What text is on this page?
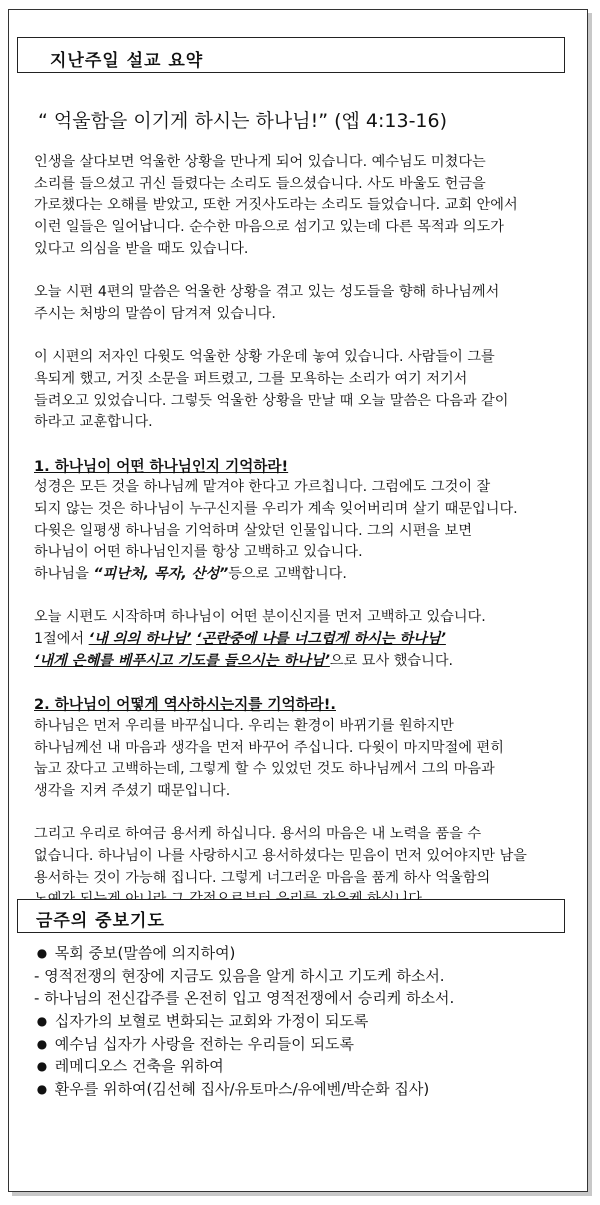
지난주일 설교 요약
“ 억울함을 이기게 하시는 하나님!” (엡 4:13-16)
인생을 살다보면 억울한 상황을 만나게 되어 있습니다. 예수님도 미쳤다는
소리를 들으셨고 귀신 들렸다는 소리도 들으셨습니다. 사도 바울도 헌금을
가로챘다는 오해를 받았고, 또한 거짓사도라는 소리도 들었습니다. 교회 안에서
이런 일들은 일어납니다. 순수한 마음으로 섬기고 있는데 다른 목적과 의도가
있다고 의심을 받을 때도 있습니다.
오늘 시편 4편의 말씀은 억울한 상황을 겪고 있는 성도들을 향해 하나님께서
주시는 처방의 말씀이 담겨져 있습니다.
이 시편의 저자인 다윗도 억울한 상황 가운데 놓여 있습니다. 사람들이 그를
욕되게 했고, 거짓 소문을 퍼트렸고, 그를 모욕하는 소리가 여기 저기서
들려오고 있었습니다. 그렇듯 억울한 상황을 만날 때 오늘 말씀은 다음과 같이
하라고 교훈합니다.
1. 하나님이 어떤 하나님인지 기억하라!
성경은 모든 것을 하나님께 맡겨야 한다고 가르칩니다. 그럼에도 그것이 잘
되지 않는 것은 하나님이 누구신지를 우리가 계속 잊어버리며 살기 때문입니다.
다윗은 일평생 하나님을 기억하며 살았던 인물입니다. 그의 시편을 보면
하나님이 어떤 하나님인지를 항상 고백하고 있습니다.
하나님을 “피난처, 목자, 산성”등으로 고백합니다.
오늘 시편도 시작하며 하나님이 어떤 분이신지를 먼저 고백하고 있습니다.
1절에서 ‘내 의의 하나님’ ‘곤란중에 나를 너그럽게 하시는 하나님’
‘내게 은혜를 베푸시고 기도를 들으시는 하나님’으로 묘사 했습니다.
2. 하나님이 어떻게 역사하시는지를 기억하라!.
하나님은 먼저 우리를 바꾸십니다. 우리는 환경이 바뀌기를 원하지만
하나님께선 내 마음과 생각을 먼저 바꾸어 주십니다. 다윗이 마지막절에 편히
눕고 잤다고 고백하는데, 그렇게 할 수 있었던 것도 하나님께서 그의 마음과
생각을 지켜 주셨기 때문입니다.
그리고 우리로 하여금 용서케 하십니다. 용서의 마음은 내 노력을 품을 수
없습니다. 하나님이 나를 사랑하시고 용서하셨다는 믿음이 먼저 있어야지만 남을
용서하는 것이 가능해 집니다. 그렇게 너그러운 마음을 품게 하사 억울함의
금주의 중보기도
● 목회 중보(말씀에 의지하여)
- 영적전쟁의 현장에 지금도 있음을 알게 하시고 기도케 하소서.
- 하나님의 전신갑주를 온전히 입고 영적전쟁에서 승리케 하소서.
● 십자가의 보혈로 변화되는 교회와 가정이 되도록
● 예수님 십자가 사랑을 전하는 우리들이 되도록
● 레메디오스 건축을 위하여
● 환우를 위하여(김선혜 집사/유토마스/유에벤/박순화 집사)
